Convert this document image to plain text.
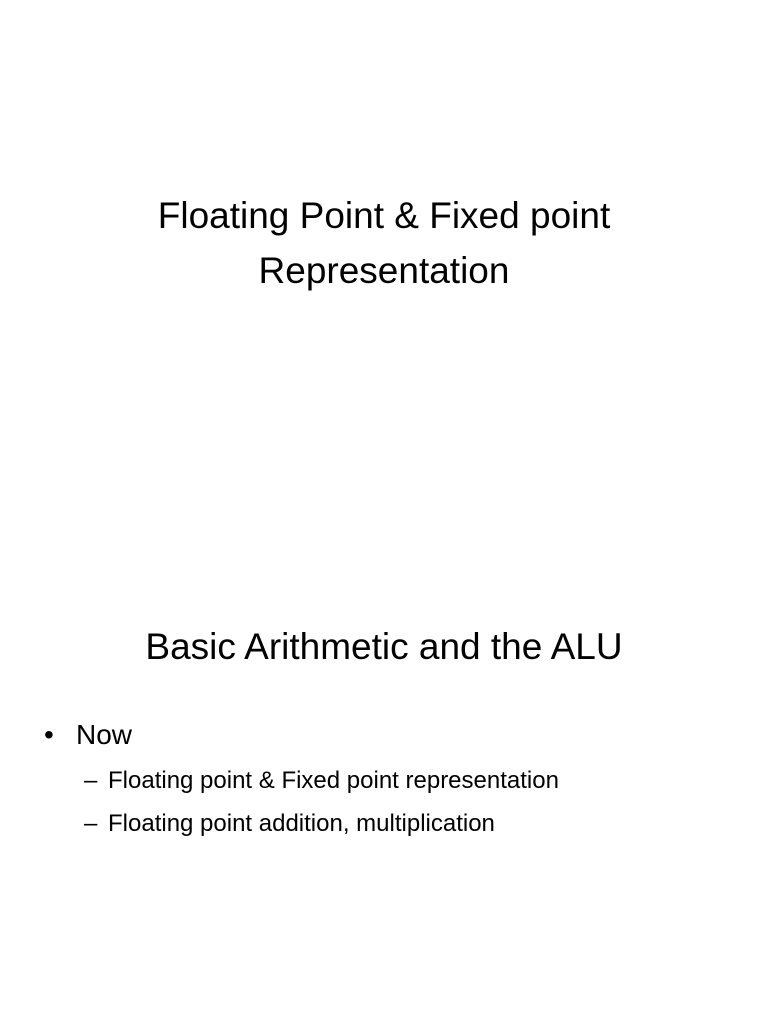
Floating Point & Fixed point
Representation
Basic Arithmetic and the ALU
• Now
– Floating point & Fixed point representation
– Floating point addition, multiplication
